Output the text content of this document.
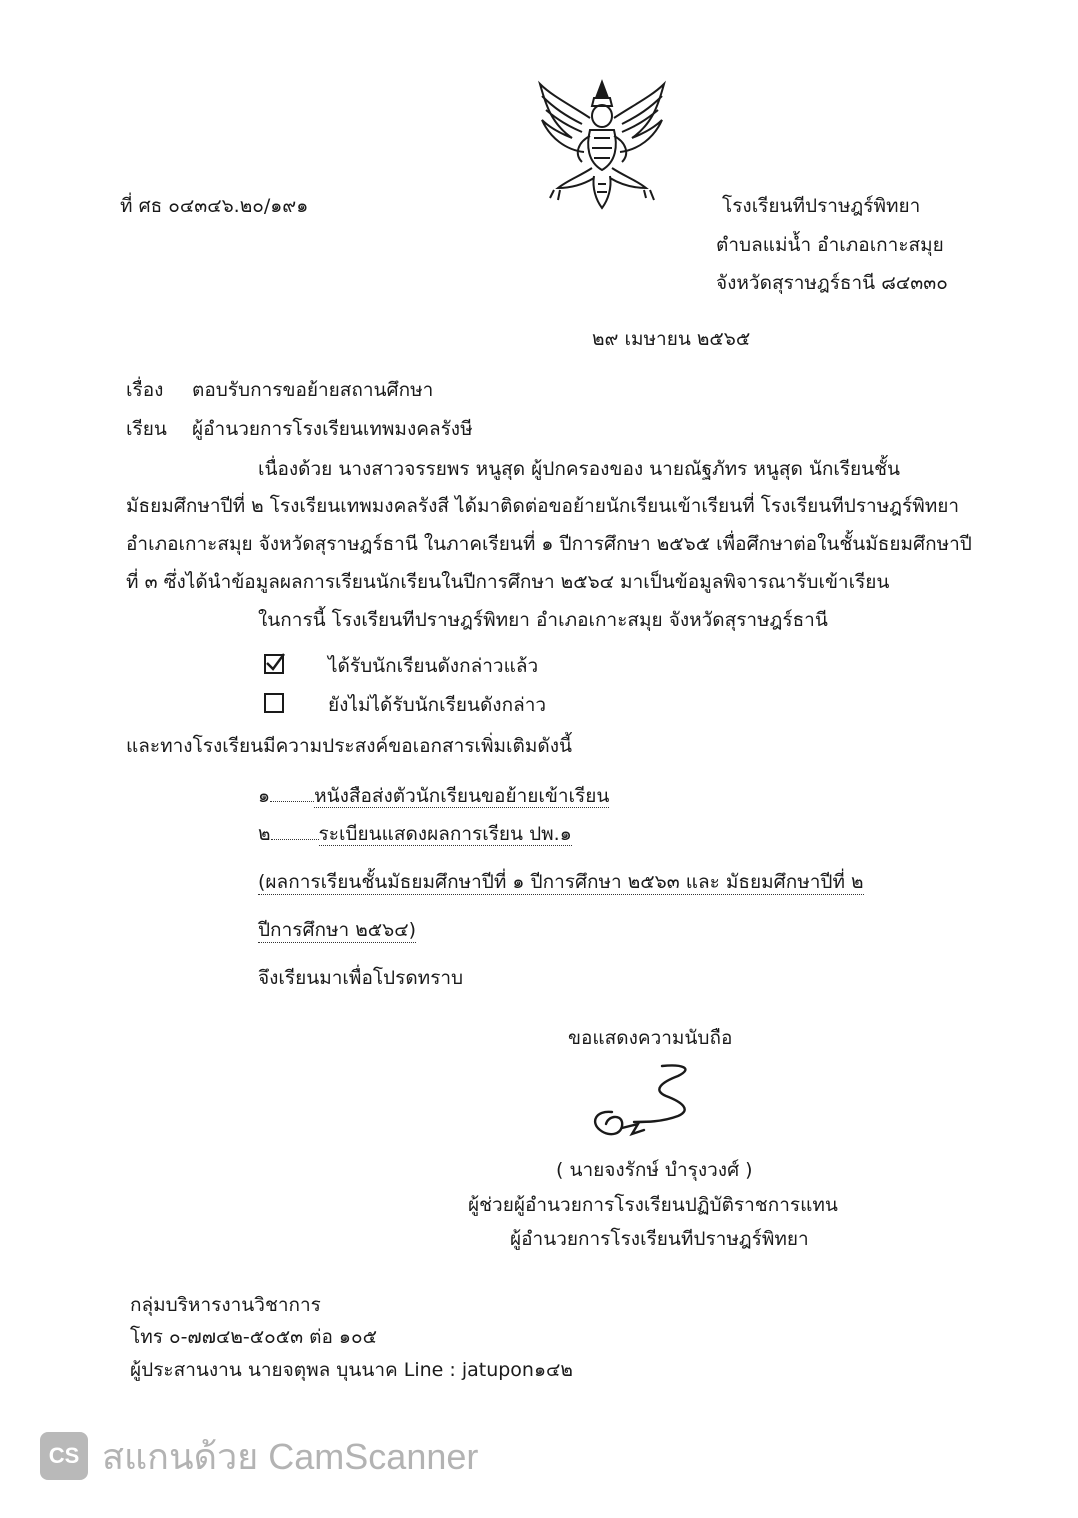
ที่ ศธ ๐๔๓๔๖.๒๐/๑๙๑	โรงเรียนทีปราษฎร์พิทยา
ตำบลแม่น้ำ อำเภอเกาะสมุย
จังหวัดสุราษฎร์ธานี ๘๔๓๓๐
๒๙ เมษายน ๒๕๖๕
เรื่อง ตอบรับการขอย้ายสถานศึกษา
เรียน ผู้อำนวยการโรงเรียนเทพมงคลรังษี
เนื่องด้วย นางสาวจรรยพร หนูสุด ผู้ปกครองของ นายณัฐภัทร หนูสุด นักเรียนชั้น
มัธยมศึกษาปีที่ ๒ โรงเรียนเทพมงคลรังสี ได้มาติดต่อขอย้ายนักเรียนเข้าเรียนที่ โรงเรียนทีปราษฎร์พิทยา
อำเภอเกาะสมุย จังหวัดสุราษฎร์ธานี ในภาคเรียนที่ ๑ ปีการศึกษา ๒๕๖๕ เพื่อศึกษาต่อในชั้นมัธยมศึกษาปี
ที่ ๓ ซึ่งได้นำข้อมูลผลการเรียนนักเรียนในปีการศึกษา ๒๕๖๔ มาเป็นข้อมูลพิจารณารับเข้าเรียน
ในการนี้ โรงเรียนทีปราษฎร์พิทยา อำเภอเกาะสมุย จังหวัดสุราษฎร์ธานี
ได้รับนักเรียนดังกล่าวแล้ว
ยังไม่ได้รับนักเรียนดังกล่าว
และทางโรงเรียนมีความประสงค์ขอเอกสารเพิ่มเติมดังนี้
๑ หนังสือส่งตัวนักเรียนขอย้ายเข้าเรียน
๒	ระเบียนแสดงผลการเรียน ปพ.๑
(ผลการเรียนชั้นมัธยมศึกษาปีที่ ๑ ปีการศึกษา ๒๕๖๓ และ มัธยมศึกษาปีที่ ๒
ปีการศึกษา ๒๕๖๔)
จึงเรียนมาเพื่อโปรดทราบ
ขอแสดงความนับถือ
( นายจงรักษ์ บำรุงวงศ์ )
ผู้ช่วยผู้อำนวยการโรงเรียนปฏิบัติราชการแทน
ผู้อำนวยการโรงเรียนทีปราษฎร์พิทยา
กลุ่มบริหารงานวิชาการ
โทร ๐-๗๗๔๒-๕๐๕๓ ต่อ ๑๐๕
ผู้ประสานงาน นายจตุพล บุนนาค Line : jatupon๑๔๒
CS สแกนด้วย CamScanner
